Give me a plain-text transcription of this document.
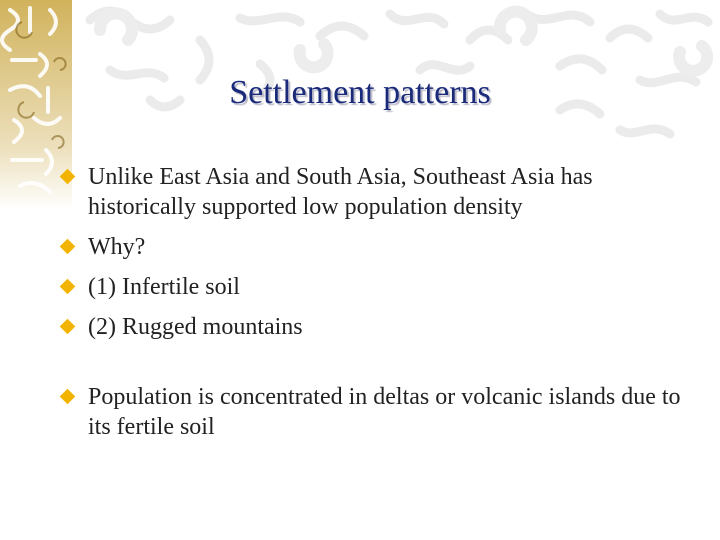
Settlement patterns
Unlike East Asia and South Asia, Southeast Asia has historically supported low population density
Why?
(1) Infertile soil
(2) Rugged mountains
Population is concentrated in deltas or volcanic islands due to its fertile soil
